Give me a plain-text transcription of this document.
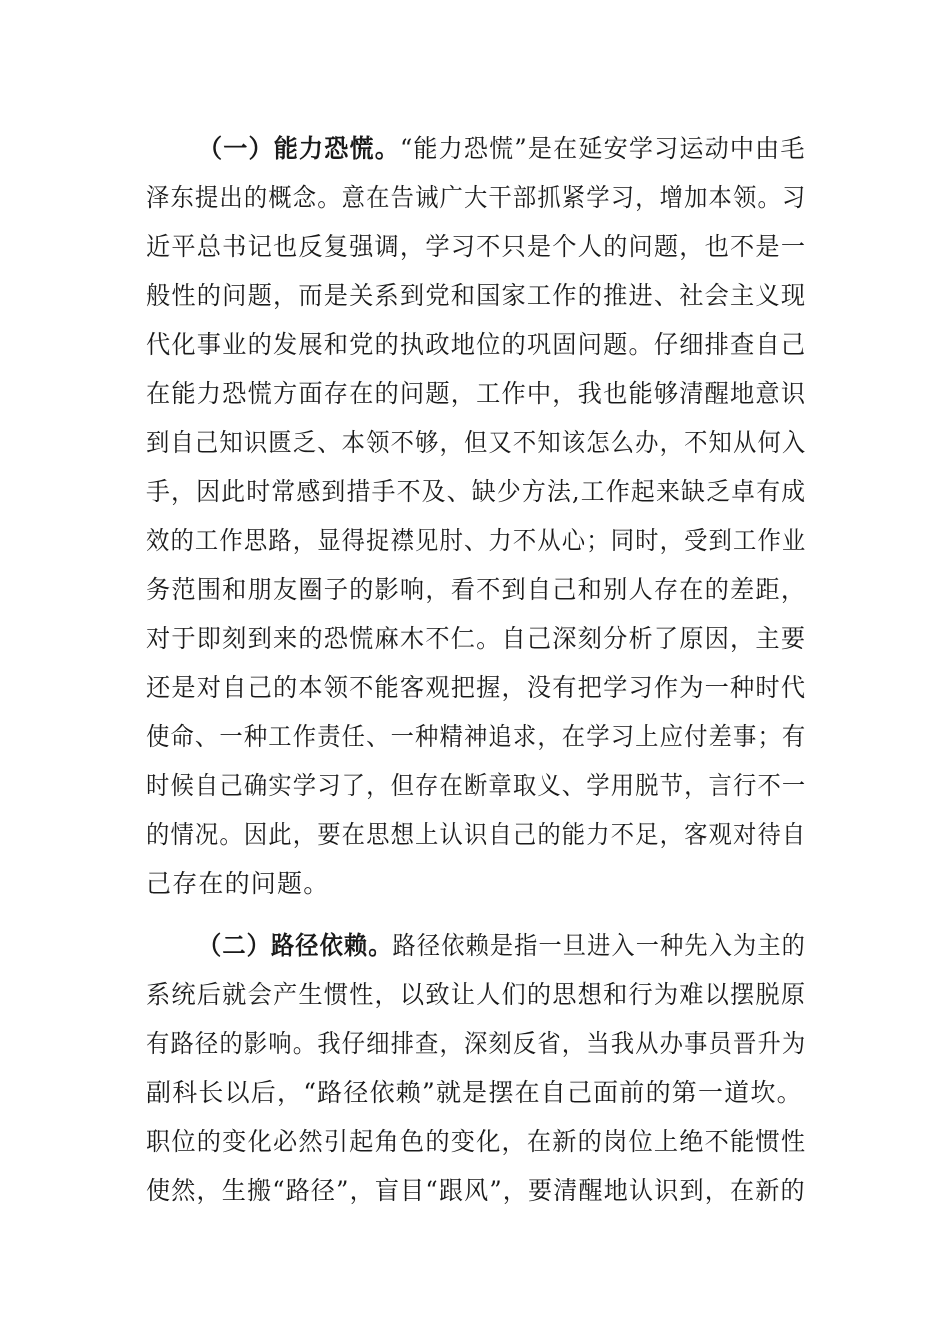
（一）能力恐慌。“能力恐慌”是在延安学习运动中由毛
泽东提出的概念。意在告诫广大干部抓紧学习，增加本领。习
近平总书记也反复强调，学习不只是个人的问题，也不是一
般性的问题，而是关系到党和国家工作的推进、社会主义现
代化事业的发展和党的执政地位的巩固问题。仔细排查自己
在能力恐慌方面存在的问题，工作中，我也能够清醒地意识
到自己知识匮乏、本领不够，但又不知该怎么办，不知从何入
手，因此时常感到措手不及、缺少方法,工作起来缺乏卓有成
效的工作思路，显得捉襟见肘、力不从心；同时，受到工作业
务范围和朋友圈子的影响，看不到自己和别人存在的差距，
对于即刻到来的恐慌麻木不仁。自己深刻分析了原因，主要
还是对自己的本领不能客观把握，没有把学习作为一种时代
使命、一种工作责任、一种精神追求，在学习上应付差事；有
时候自己确实学习了，但存在断章取义、学用脱节，言行不一
的情况。因此，要在思想上认识自己的能力不足，客观对待自
己存在的问题。
（二）路径依赖。路径依赖是指一旦进入一种先入为主的
系统后就会产生惯性，以致让人们的思想和行为难以摆脱原
有路径的影响。我仔细排查，深刻反省，当我从办事员晋升为
副科长以后，“路径依赖”就是摆在自己面前的第一道坎。
职位的变化必然引起角色的变化，在新的岗位上绝不能惯性
使然，生搬“路径”，盲目“跟风”，要清醒地认识到，在新的
